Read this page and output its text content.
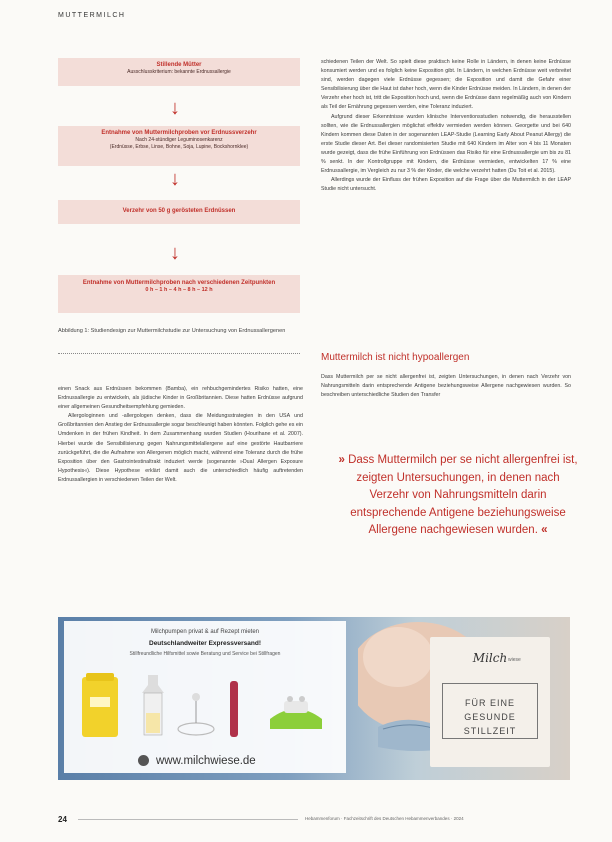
MUTTERMILCH
Stillende Mütter
Ausschlusskriterium: bekannte Erdnussallergie
↓
Entnahme von Muttermilchproben vor Erdnussverzehr
Nach 24-stündiger Leguminosenkarenz
(Erdnüsse, Erbse, Linse, Bohne, Soja, Lupine, Bockshornklee)
↓
Verzehr von 50 g gerösteten Erdnüssen
↓
Entnahme von Muttermilchproben nach verschiedenen Zeitpunkten
0 h – 1 h – 4 h – 8 h – 12 h
Abbildung 1: Studiendesign zur Muttermilchstudie zur Untersuchung von Erdnussallergenen

einen Snack aus Erdnüssen bekommen (Bamba), ein rehbuchgemindertes Risiko hatten, eine Erdnussallergie zu entwickeln, als jüdische Kinder in Großbritannien. Diese hatten Erdnüsse aufgrund einer allgemeinen Gesundheitsempfehlung gemieden.

Allergologinnen und -allergologen denken, dass die Meidungsstrategien in den USA und Großbritannien den Anstieg der Erdnussallergie sogar beschleunigt haben könnten. Folglich gehe es ein Umdenken in der frühen Kindheit. In dem Zusammenhang wurden Studien (Hourihane et al. 2007). Hierbei wurde die Sensibilisierung gegen Nahrungsmittelallergene auf eine gestörte Hautbarriere zurückgeführt, die die Aufnahme von Allergenen möglich macht, während eine Toleranz durch die frühe Exposition über den Gastrointestinaltrakt induziert werde (sogenannte »Dual Allergen Exposure Hypothesis«). Diese Hypothese erklärt damit auch die unterschiedlich häufig auftretenden Erdnussallergien in verschiedenen Teilen der Welt.

schiedenen Teilen der Welt. So spielt diese praktisch keine Rolle in Ländern, in denen keine Erdnüsse konsumiert werden und es folglich keine Exposition gibt. In Ländern, in welchen Erdnüsse weit verbreitet sind, werden dagegen viele Erdnüsse gegessen; die Exposition und damit die Gefahr einer Sensibilisierung über die Haut ist daher hoch, wenn die Kinder Erdnüsse meiden. In Ländern, in denen der Verzehr eher hoch ist, tritt die Exposition hoch und, wenn die Erdnüsse dann regelmäßig auch von Kindern als Teil der Ernährung gegessen werden, eine Toleranz induziert.

Aufgrund dieser Erkenntnisse wurden klinische Interventionsstudien notwendig, die herausstellen sollten, wie die Erdnussallergien möglichst effektiv vermieden werden können. Georgette und bei 640 Kindern kommen diese Daten in der sogenannten LEAP-Studie (Learning Early About Peanut Allergy) die erste Studie dieser Art. Bei dieser randomisierten Studie mit 640 Kindern im Alter von 4 bis 11 Monaten wurde gezeigt, dass die frühe Einführung von Erdnüssen das Risiko für eine Erdnussallergie um bis zu 81 % senkt. In der Kontrollgruppe mit Kindern, die Erdnüsse vermieden, entwickelten 17 % eine Erdnussallergie, im Vergleich zu nur 3 % der Kinder, die welche verzehrt hatten (Du Toit et al. 2015).

Allerdings wurde der Einfluss der frühen Exposition auf die Frage über die Muttermilch in der LEAP Studie nicht untersucht.

Muttermilch ist nicht hypoallergen

Dass Muttermilch per se nicht allergenfrei ist, zeigten Untersuchungen, in denen nach Verzehr von Nahrungsmitteln darin entsprechende Antigene beziehungsweise Allergene nachgewiesen wurden. So beschreiben unterschiedliche Studien den Transfer

» Dass Muttermilch per se nicht allergenfrei ist, zeigten Untersuchungen, in denen nach Verzehr von Nahrungsmitteln darin entsprechende Antigene beziehungsweise Allergene nachgewiesen wurden. «
Milch wiese
FÜR EINE GESUNDE STILLZEIT
Milchpumpen privat & auf Rezept mieten
Deutschlandweiter Expressversand!
Stillfreundliche Hilfsmittel sowie Beratung und Service bei Stillfragen
www.milchwiese.de
24	Hebammenforum · Fachzeitschrift des Deutschen Hebammenverbandes · 2024
